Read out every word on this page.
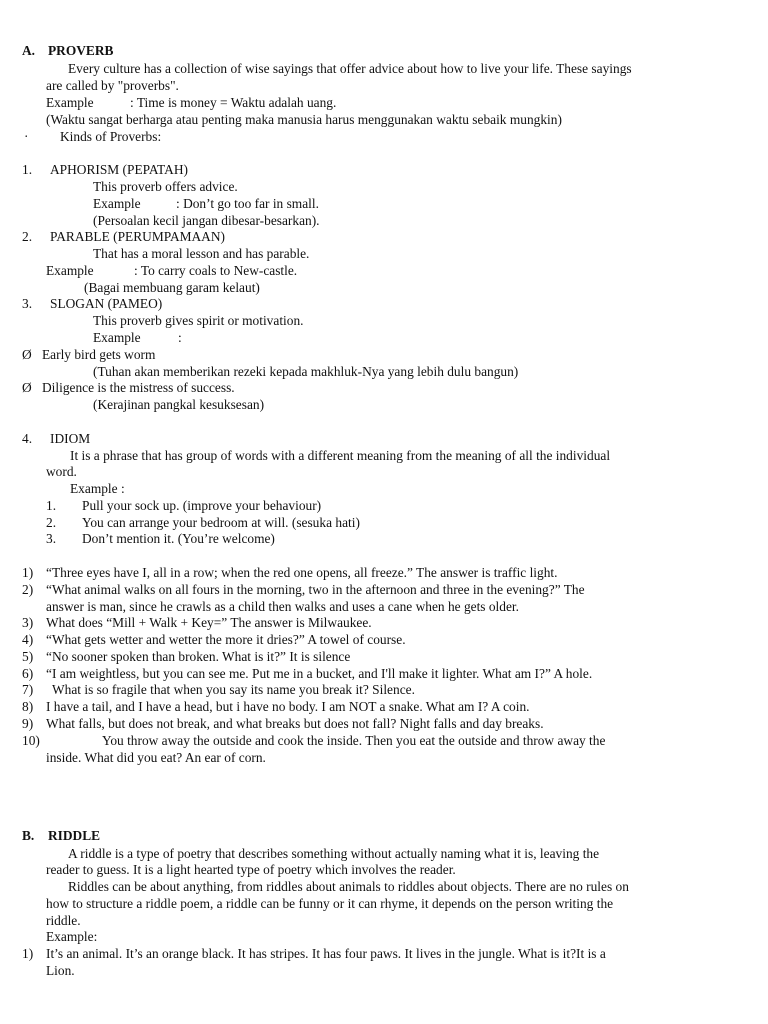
A. PROVERB
Every culture has a collection of wise sayings that offer advice about how to live your life. These sayings
are called by "proverbs".
Example	: Time is money = Waktu adalah uang.
(Waktu sangat berharga atau penting maka manusia harus menggunakan waktu sebaik mungkin)
· Kinds of Proverbs:
1. APHORISM (PEPATAH)
This proverb offers advice.
Example	: Don’t go too far in small.
(Persoalan kecil jangan dibesar-besarkan).
2. PARABLE (PERUMPAMAAN)
That has a moral lesson and has parable.
Example	: To carry coals to New-castle.
(Bagai membuang garam kelaut)
3. SLOGAN (PAMEO)
This proverb gives spirit or motivation.
Example	:
Ø Early bird gets worm
(Tuhan akan memberikan rezeki kepada makhluk-Nya yang lebih dulu bangun)
Ø Diligence is the mistress of success.
(Kerajinan pangkal kesuksesan)
4. IDIOM
It is a phrase that has group of words with a different meaning from the meaning of all the individual
word.
Example :
1. Pull your sock up. (improve your behaviour)
2. You can arrange your bedroom at will. (sesuka hati)
3. Don’t mention it. (You’re welcome)
1) “Three eyes have I, all in a row; when the red one opens, all freeze.” The answer is traffic light.
2) “What animal walks on all fours in the morning, two in the afternoon and three in the evening?” The
answer is man, since he crawls as a child then walks and uses a cane when he gets older.
3) What does “Mill + Walk + Key=” The answer is Milwaukee.
4) “What gets wetter and wetter the more it dries?” A towel of course.
5) “No sooner spoken than broken. What is it?” It is silence
6) “I am weightless, but you can see me. Put me in a bucket, and I'll make it lighter. What am I?” A hole.
7) What is so fragile that when you say its name you break it? Silence.
8) I have a tail, and I have a head, but i have no body. I am NOT a snake. What am I? A coin.
9) What falls, but does not break, and what breaks but does not fall? Night falls and day breaks.
10)	You throw away the outside and cook the inside. Then you eat the outside and throw away the
inside. What did you eat? An ear of corn.
B. RIDDLE
A riddle is a type of poetry that describes something without actually naming what it is, leaving the
reader to guess. It is a light hearted type of poetry which involves the reader.
Riddles can be about anything, from riddles about animals to riddles about objects. There are no rules on
how to structure a riddle poem, a riddle can be funny or it can rhyme, it depends on the person writing the
riddle.
Example:
1) It’s an animal. It’s an orange black. It has stripes. It has four paws. It lives in the jungle. What is it?It is a
Lion.
